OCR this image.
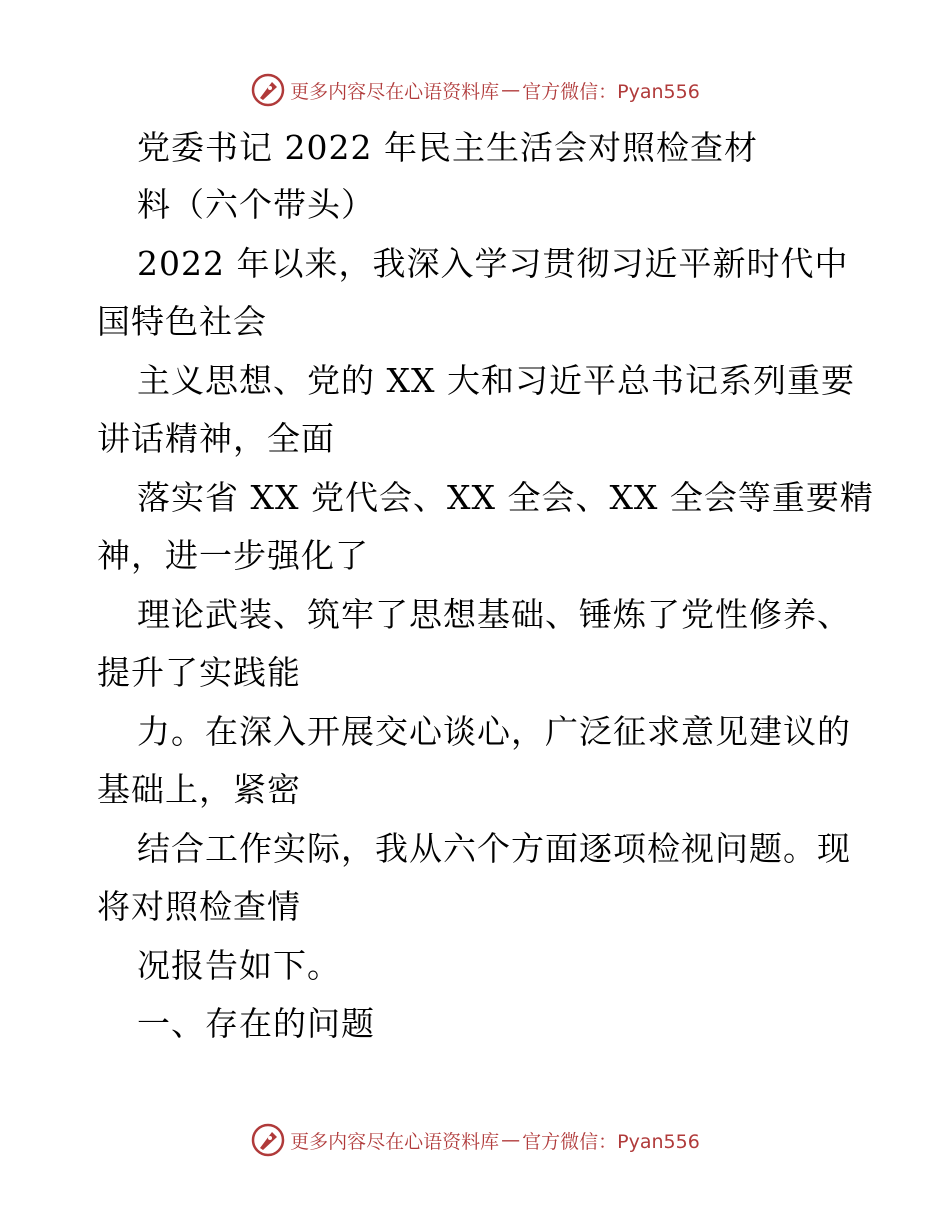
更多内容尽在心语资料库 — 官方微信：Pyan556
党委书记 2022 年民主生活会对照检查材
料（六个带头）
2022 年以来，我深入学习贯彻习近平新时代中
国特色社会
主义思想、党的 XX 大和习近平总书记系列重要
讲话精神，全面
落实省 XX 党代会、XX 全会、XX 全会等重要精
神，进一步强化了
理论武装、筑牢了思想基础、锤炼了党性修养、
提升了实践能
力。在深入开展交心谈心，广泛征求意见建议的
基础上，紧密
结合工作实际，我从六个方面逐项检视问题。现
将对照检查情
况报告如下。
一、存在的问题
更多内容尽在心语资料库 — 官方微信：Pyan556
